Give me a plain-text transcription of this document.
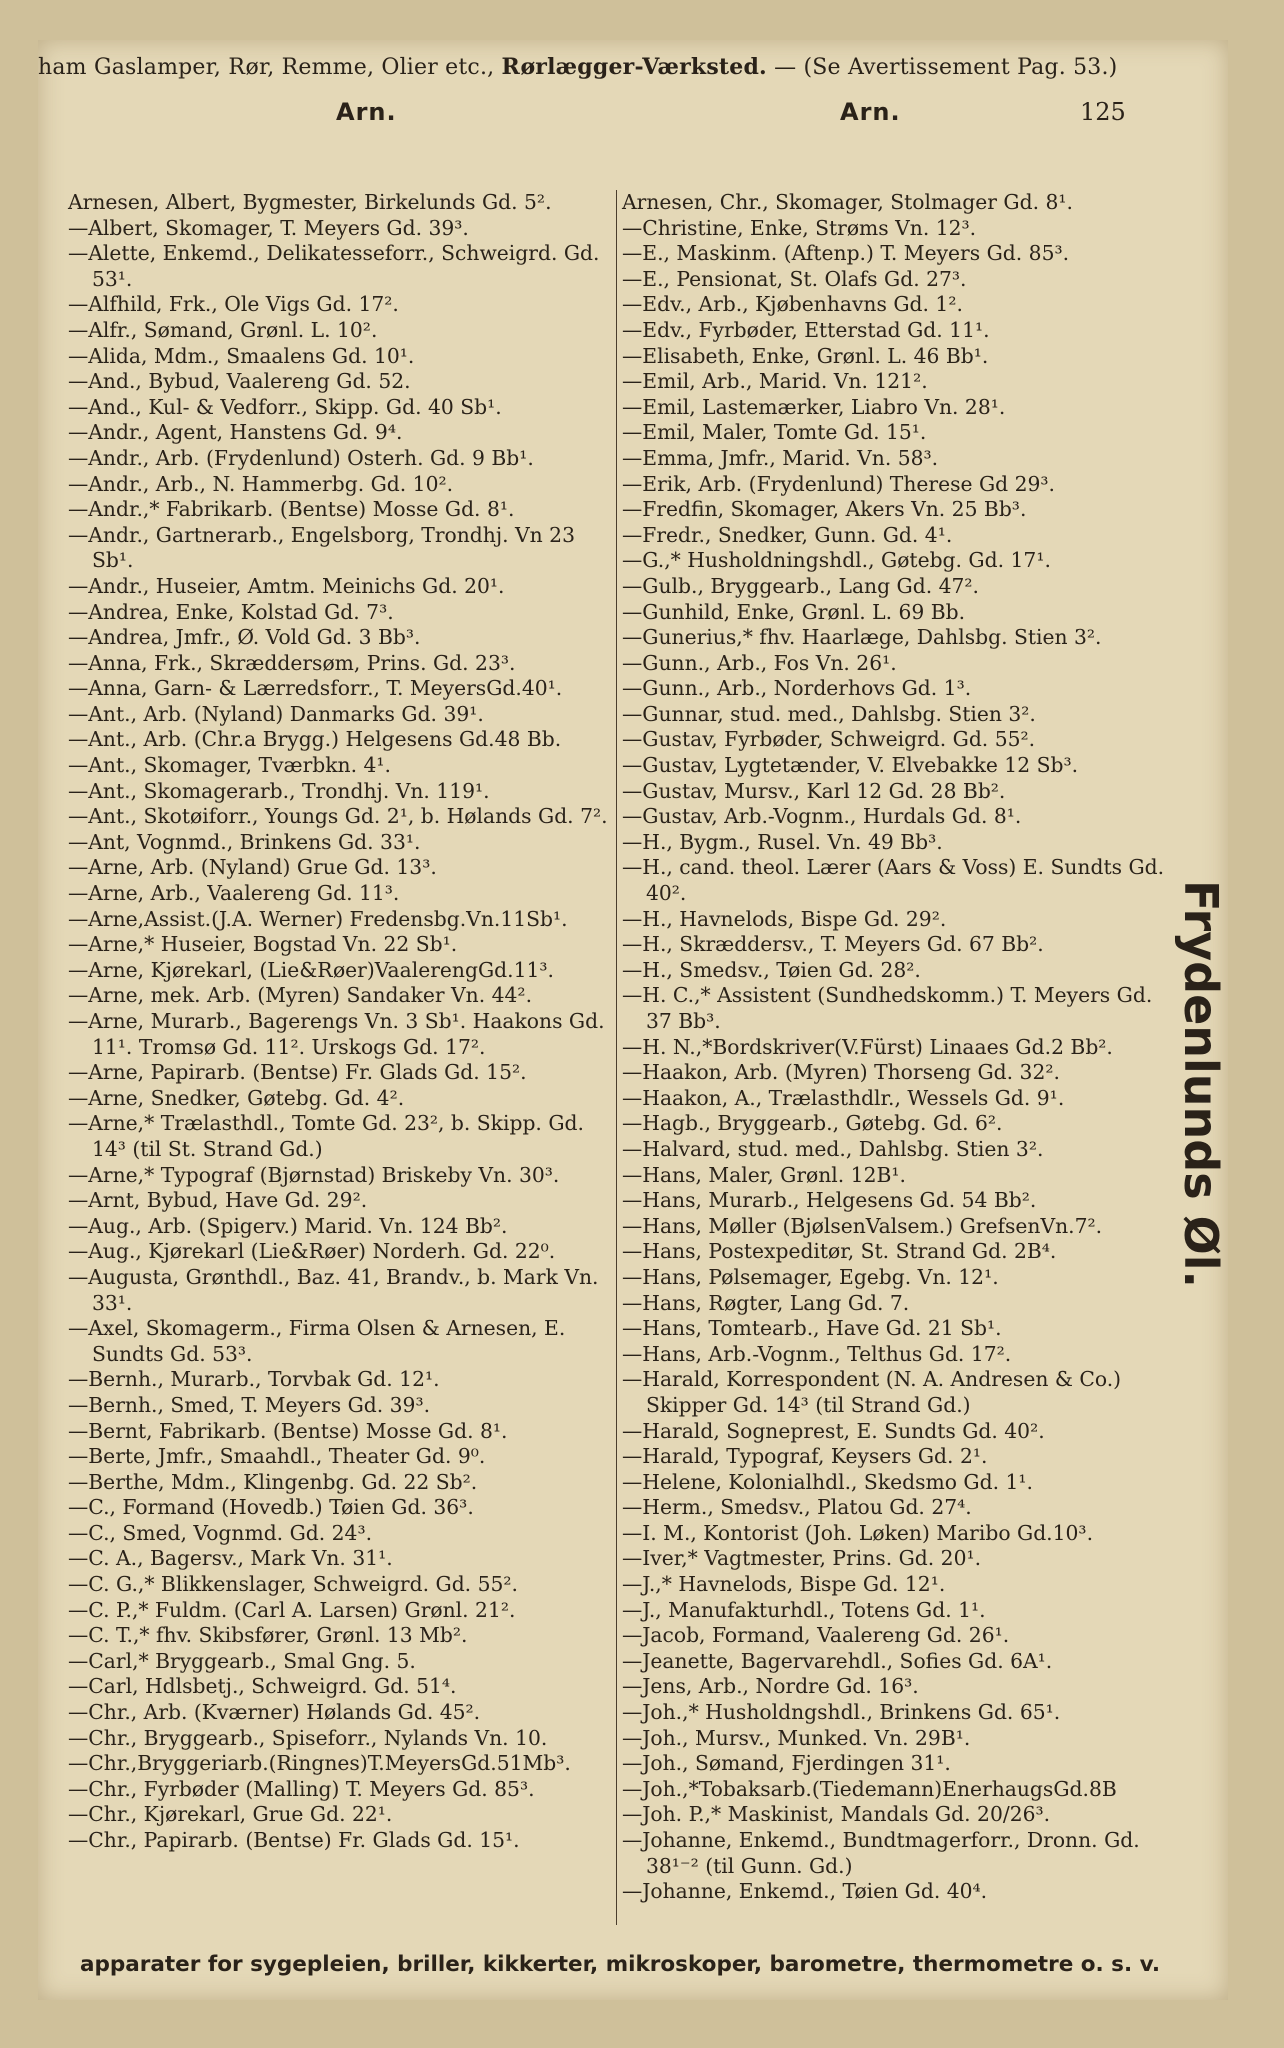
ham Gaslamper, Rør, Remme, Olier etc., Rørlægger-Værksted. — (Se Avertissement Pag. 53.)
Arn.	Arn.	125
Arnesen, Albert, Bygmester, Birkelunds Gd. 5².
—Albert, Skomager, T. Meyers Gd. 39³.
—Alette, Enkemd., Delikatesseforr., Schweigrd. Gd. 53¹.
—Alfhild, Frk., Ole Vigs Gd. 17².
—Alfr., Sømand, Grønl. L. 10².
—Alida, Mdm., Smaalens Gd. 10¹.
—And., Bybud, Vaalereng Gd. 52.
—And., Kul- & Vedforr., Skipp. Gd. 40 Sb¹.
—Andr., Agent, Hanstens Gd. 9⁴.
—Andr., Arb. (Frydenlund) Osterh. Gd. 9 Bb¹.
—Andr., Arb., N. Hammerbg. Gd. 10².
—Andr.,* Fabrikarb. (Bentse) Mosse Gd. 8¹.
—Andr., Gartnerarb., Engelsborg, Trondhj. Vn 23 Sb¹.
—Andr., Huseier, Amtm. Meinichs Gd. 20¹.
—Andrea, Enke, Kolstad Gd. 7³.
—Andrea, Jmfr., Ø. Vold Gd. 3 Bb³.
—Anna, Frk., Skræddersøm, Prins. Gd. 23³.
—Anna, Garn- & Lærredsforr., T. MeyersGd.40¹.
—Ant., Arb. (Nyland) Danmarks Gd. 39¹.
—Ant., Arb. (Chr.a Brygg.) Helgesens Gd.48 Bb.
—Ant., Skomager, Tværbkn. 4¹.
—Ant., Skomagerarb., Trondhj. Vn. 119¹.
—Ant., Skotøiforr., Youngs Gd. 2¹, b. Hølands Gd. 7².
—Ant, Vognmd., Brinkens Gd. 33¹.
—Arne, Arb. (Nyland) Grue Gd. 13³.
—Arne, Arb., Vaalereng Gd. 11³.
—Arne,Assist.(J.A. Werner) Fredensbg.Vn.11Sb¹.
—Arne,* Huseier, Bogstad Vn. 22 Sb¹.
—Arne, Kjørekarl, (Lie&Røer)VaalerengGd.11³.
—Arne, mek. Arb. (Myren) Sandaker Vn. 44².
—Arne, Murarb., Bagerengs Vn. 3 Sb¹. Haakons Gd. 11¹. Tromsø Gd. 11². Urskogs Gd. 17².
—Arne, Papirarb. (Bentse) Fr. Glads Gd. 15².
—Arne, Snedker, Gøtebg. Gd. 4².
—Arne,* Trælasthdl., Tomte Gd. 23², b. Skipp. Gd. 14³ (til St. Strand Gd.)
—Arne,* Typograf (Bjørnstad) Briskeby Vn. 30³.
—Arnt, Bybud, Have Gd. 29².
—Aug., Arb. (Spigerv.) Marid. Vn. 124 Bb².
—Aug., Kjørekarl (Lie&Røer) Norderh. Gd. 22⁰.
—Augusta, Grønthdl., Baz. 41, Brandv., b. Mark Vn. 33¹.
—Axel, Skomagerm., Firma Olsen & Arnesen, E. Sundts Gd. 53³.
—Bernh., Murarb., Torvbak Gd. 12¹.
—Bernh., Smed, T. Meyers Gd. 39³.
—Bernt, Fabrikarb. (Bentse) Mosse Gd. 8¹.
—Berte, Jmfr., Smaahdl., Theater Gd. 9⁰.
—Berthe, Mdm., Klingenbg. Gd. 22 Sb².
—C., Formand (Hovedb.) Tøien Gd. 36³.
—C., Smed, Vognmd. Gd. 24³.
—C. A., Bagersv., Mark Vn. 31¹.
—C. G.,* Blikkenslager, Schweigrd. Gd. 55².
—C. P.,* Fuldm. (Carl A. Larsen) Grønl. 21².
—C. T.,* fhv. Skibsfører, Grønl. 13 Mb².
—Carl,* Bryggearb., Smal Gng. 5.
—Carl, Hdlsbetj., Schweigrd. Gd. 51⁴.
—Chr., Arb. (Kværner) Hølands Gd. 45².
—Chr., Bryggearb., Spiseforr., Nylands Vn. 10.
—Chr.,Bryggeriarb.(Ringnes)T.MeyersGd.51Mb³.
—Chr., Fyrbøder (Malling) T. Meyers Gd. 85³.
—Chr., Kjørekarl, Grue Gd. 22¹.
—Chr., Papirarb. (Bentse) Fr. Glads Gd. 15¹.
Arnesen, Chr., Skomager, Stolmager Gd. 8¹.
—Christine, Enke, Strøms Vn. 12³.
—E., Maskinm. (Aftenp.) T. Meyers Gd. 85³.
—E., Pensionat, St. Olafs Gd. 27³.
—Edv., Arb., Kjøbenhavns Gd. 1².
—Edv., Fyrbøder, Etterstad Gd. 11¹.
—Elisabeth, Enke, Grønl. L. 46 Bb¹.
—Emil, Arb., Marid. Vn. 121².
—Emil, Lastemærker, Liabro Vn. 28¹.
—Emil, Maler, Tomte Gd. 15¹.
—Emma, Jmfr., Marid. Vn. 58³.
—Erik, Arb. (Frydenlund) Therese Gd 29³.
—Fredfin, Skomager, Akers Vn. 25 Bb³.
—Fredr., Snedker, Gunn. Gd. 4¹.
—G.,* Husholdningshdl., Gøtebg. Gd. 17¹.
—Gulb., Bryggearb., Lang Gd. 47².
—Gunhild, Enke, Grønl. L. 69 Bb.
—Gunerius,* fhv. Haarlæge, Dahlsbg. Stien 3².
—Gunn., Arb., Fos Vn. 26¹.
—Gunn., Arb., Norderhovs Gd. 1³.
—Gunnar, stud. med., Dahlsbg. Stien 3².
—Gustav, Fyrbøder, Schweigrd. Gd. 55².
—Gustav, Lygtetænder, V. Elvebakke 12 Sb³.
—Gustav, Mursv., Karl 12 Gd. 28 Bb².
—Gustav, Arb.-Vognm., Hurdals Gd. 8¹.
—H., Bygm., Rusel. Vn. 49 Bb³.
—H., cand. theol. Lærer (Aars & Voss) E. Sundts Gd. 40².
—H., Havnelods, Bispe Gd. 29².
—H., Skræddersv., T. Meyers Gd. 67 Bb².
—H., Smedsv., Tøien Gd. 28².
—H. C.,* Assistent (Sundhedskomm.) T. Meyers Gd. 37 Bb³.
—H. N.,*Bordskriver(V.Fürst) Linaaes Gd.2 Bb².
—Haakon, Arb. (Myren) Thorseng Gd. 32².
—Haakon, A., Trælasthdlr., Wessels Gd. 9¹.
—Hagb., Bryggearb., Gøtebg. Gd. 6².
—Halvard, stud. med., Dahlsbg. Stien 3².
—Hans, Maler, Grønl. 12B¹.
—Hans, Murarb., Helgesens Gd. 54 Bb².
—Hans, Møller (BjølsenValsem.) GrefsenVn.7².
—Hans, Postexpeditør, St. Strand Gd. 2B⁴.
—Hans, Pølsemager, Egebg. Vn. 12¹.
—Hans, Røgter, Lang Gd. 7.
—Hans, Tomtearb., Have Gd. 21 Sb¹.
—Hans, Arb.-Vognm., Telthus Gd. 17².
—Harald, Korrespondent (N. A. Andresen & Co.) Skipper Gd. 14³ (til Strand Gd.)
—Harald, Sogneprest, E. Sundts Gd. 40².
—Harald, Typograf, Keysers Gd. 2¹.
—Helene, Kolonialhdl., Skedsmo Gd. 1¹.
—Herm., Smedsv., Platou Gd. 27⁴.
—I. M., Kontorist (Joh. Løken) Maribo Gd.10³.
—Iver,* Vagtmester, Prins. Gd. 20¹.
—J.,* Havnelods, Bispe Gd. 12¹.
—J., Manufakturhdl., Totens Gd. 1¹.
—Jacob, Formand, Vaalereng Gd. 26¹.
—Jeanette, Bagervarehdl., Sofies Gd. 6A¹.
—Jens, Arb., Nordre Gd. 16³.
—Joh.,* Husholdngshdl., Brinkens Gd. 65¹.
—Joh., Mursv., Munked. Vn. 29B¹.
—Joh., Sømand, Fjerdingen 31¹.
—Joh.,*Tobaksarb.(Tiedemann)EnerhaugsGd.8B
—Joh. P.,* Maskinist, Mandals Gd. 20/26³.
—Johanne, Enkemd., Bundtmagerforr., Dronn. Gd. 38¹⁻² (til Gunn. Gd.)
—Johanne, Enkemd., Tøien Gd. 40⁴.
Frydenlunds Øl.
apparater for sygepleien, briller, kikkerter, mikroskoper, barometre, thermometre o. s. v.
